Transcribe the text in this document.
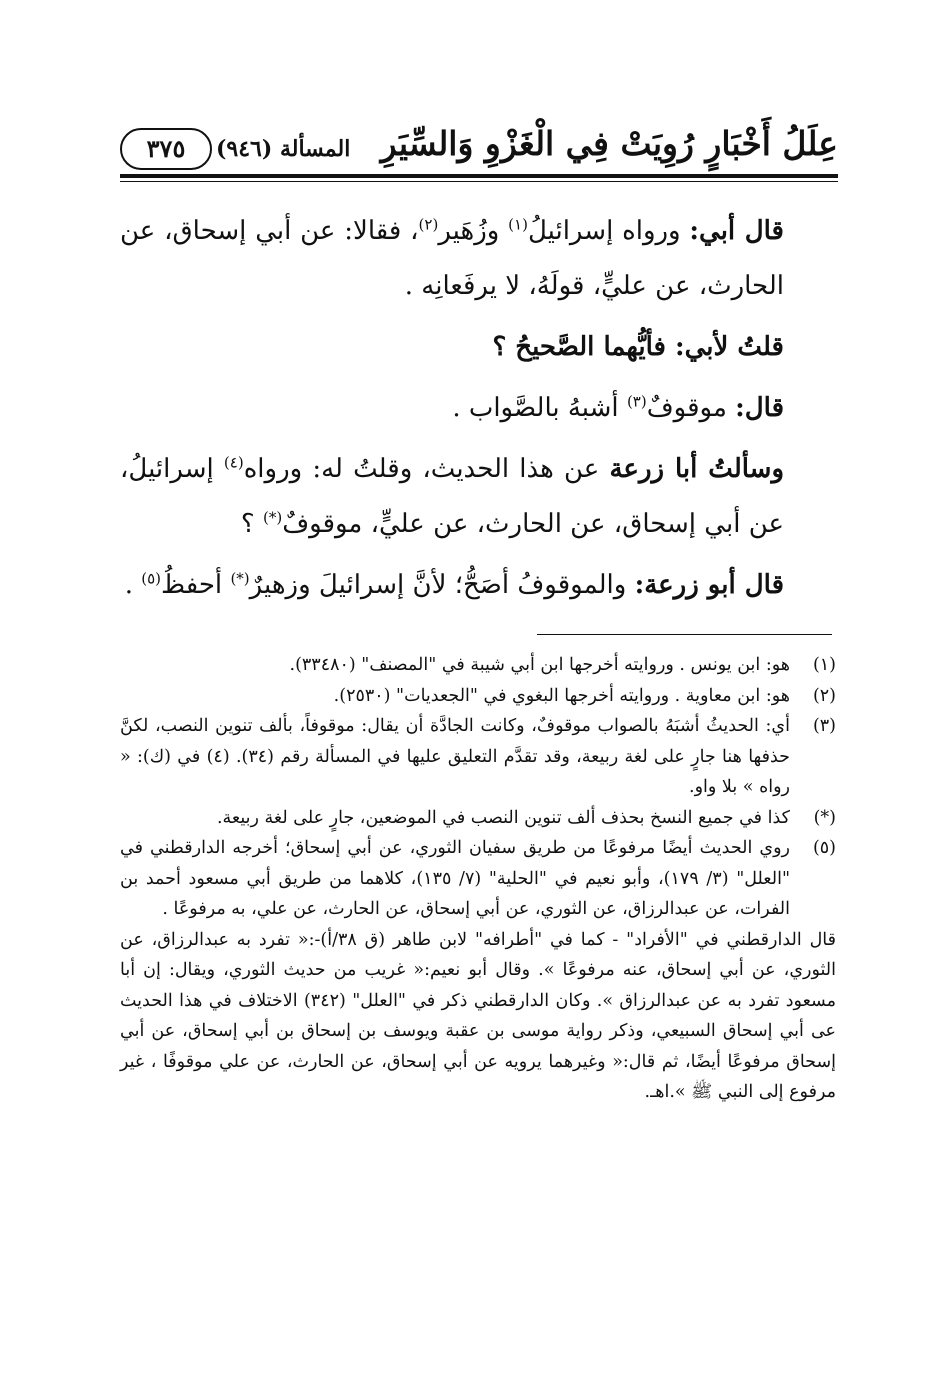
عِلَلُ أَخْبَارٍ رُوِيَتْ فِي الْغَزْوِ وَالسِّيَرِ
المسألة (٩٤٦)
٣٧٥

قال أبي: ورواه إسرائيلُ$^{(١)}$ وزُهَير$^{(٢)}$، فقالا: عن أبي إسحاق، عن الحارث، عن عليٍّ، قولَهُ، لا يرفَعانِه .

قلتُ لأبي: فأيُّهما الصَّحيحُ ؟

قال: موقوفٌ$^{(٣)}$ أشبهُ بالصَّواب .

وسألتُ أبا زرعة عن هذا الحديث، وقلتُ له: ورواه$^{(٤)}$ إسرائيلُ، عن أبي إسحاق، عن الحارث، عن عليٍّ، موقوفٌ(*) ؟

قال أبو زرعة: والموقوفُ أصَحُّ؛ لأنَّ إسرائيلَ وزهيرٌ(*) أحفظُ$^{(٥)}$ .

(١)
هو: ابن يونس . وروايته أخرجها ابن أبي شيبة في "المصنف" (٣٣٤٨٠).
(٢)
هو: ابن معاوية . وروايته أخرجها البغوي في "الجعديات" (٢٥٣٠).
(٣)
أي: الحديثُ أشبَهُ بالصواب موقوفٌ، وكانت الجادَّة أن يقال: موقوفاً، بألف تنوين النصب، لكنَّ حذفها هنا جارٍ على لغة ربيعة، وقد تقدَّم التعليق عليها في المسألة رقم (٣٤). (٤) في (ك): « رواه » بلا واو.
(*)
كذا في جميع النسخ بحذف ألف تنوين النصب في الموضعين، جارٍ على لغة ربيعة.
(٥)
روي الحديث أيضًا مرفوعًا من طريق سفيان الثوري، عن أبي إسحاق؛ أخرجه الدارقطني في "العلل" (٣/ ١٧٩)، وأبو نعيم في "الحلية" (٧/ ١٣٥)، كلاهما من طريق أبي مسعود أحمد بن الفرات، عن عبدالرزاق، عن الثوري، عن أبي إسحاق، عن الحارث، عن علي، به مرفوعًا .
قال الدارقطني في "الأفراد" - كما في "أطرافه" لابن طاهر (ق ٣٨/أ)-:« تفرد به عبدالرزاق، عن الثوري، عن أبي إسحاق، عنه مرفوعًا ». وقال أبو نعيم:« غريب من حديث الثوري، ويقال: إن أبا مسعود تفرد به عن عبدالرزاق ». وكان الدارقطني ذكر في "العلل" (٣٤٢) الاختلاف في هذا الحديث عى أبي إسحاق السبيعي، وذكر رواية موسى بن عقبة ويوسف بن إسحاق بن أبي إسحاق، عن أبي إسحاق مرفوعًا أيضًا، ثم قال:« وغيرهما يرويه عن أبي إسحاق، عن الحارث، عن علي موقوفًا ، غير مرفوع إلى النبي ﷺ ».اهـ.
